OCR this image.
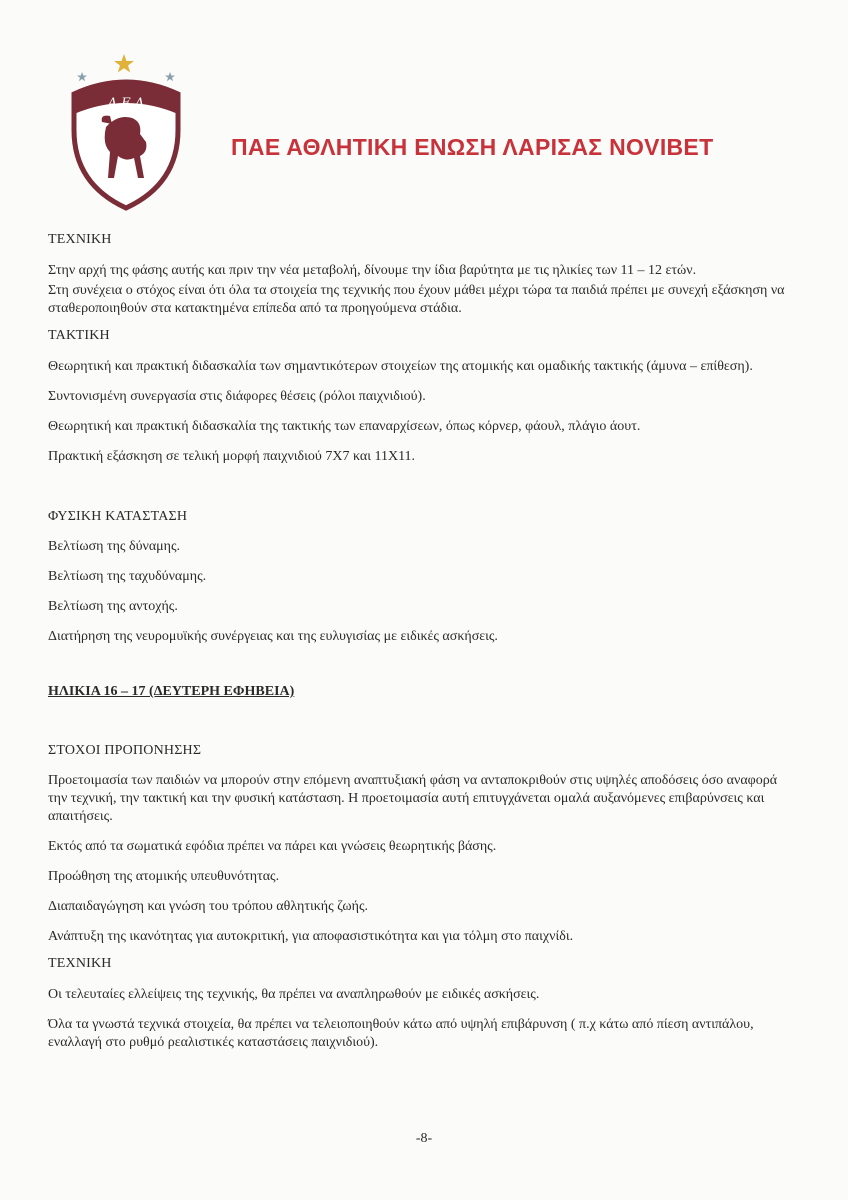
Α Ε Λ
ΠΑΕ ΑΘΛΗΤΙΚΗ ΕΝΩΣΗ ΛΑΡΙΣΑΣ NOVIBET
ΤΕΧΝΙΚΗ
Στην αρχή της φάσης αυτής και πριν την νέα μεταβολή, δίνουμε την ίδια βαρύτητα με τις ηλικίες των 11 – 12 ετών.
Στη συνέχεια ο στόχος είναι ότι όλα τα στοιχεία της τεχνικής που έχουν μάθει μέχρι τώρα τα παιδιά πρέπει με συνεχή εξάσκηση να σταθεροποιηθούν στα κατακτημένα επίπεδα από τα προηγούμενα στάδια.
ΤΑΚΤΙΚΗ
Θεωρητική και πρακτική διδασκαλία των σημαντικότερων στοιχείων της ατομικής και ομαδικής τακτικής (άμυνα – επίθεση).
Συντονισμένη συνεργασία στις διάφορες θέσεις (ρόλοι παιχνιδιού).
Θεωρητική και πρακτική διδασκαλία της τακτικής των επαναρχίσεων, όπως κόρνερ, φάουλ, πλάγιο άουτ.
Πρακτική εξάσκηση σε τελική μορφή παιχνιδιού 7Χ7 και 11Χ11.
ΦΥΣΙΚΗ ΚΑΤΑΣΤΑΣΗ
Βελτίωση της δύναμης.
Βελτίωση της ταχυδύναμης.
Βελτίωση της αντοχής.
Διατήρηση της νευρομυϊκής συνέργειας και της ευλυγισίας με ειδικές ασκήσεις.
ΗΛΙΚΙΑ 16 – 17 (ΔΕΥΤΕΡΗ ΕΦΗΒΕΙΑ)
ΣΤΟΧΟΙ ΠΡΟΠΟΝΗΣΗΣ
Προετοιμασία των παιδιών να μπορούν στην επόμενη αναπτυξιακή φάση να ανταποκριθούν στις υψηλές αποδόσεις όσο αναφορά την τεχνική, την τακτική και την φυσική κατάσταση. Η προετοιμασία αυτή επιτυγχάνεται ομαλά αυξανόμενες επιβαρύνσεις και απαιτήσεις.
Εκτός από τα σωματικά εφόδια πρέπει να πάρει και γνώσεις θεωρητικής βάσης.
Προώθηση της ατομικής υπευθυνότητας.
Διαπαιδαγώγηση και γνώση του τρόπου αθλητικής ζωής.
Ανάπτυξη της ικανότητας για αυτοκριτική, για αποφασιστικότητα και για τόλμη στο παιχνίδι.
ΤΕΧΝΙΚΗ
Οι τελευταίες ελλείψεις της τεχνικής, θα πρέπει να αναπληρωθούν με ειδικές ασκήσεις.
Όλα τα γνωστά τεχνικά στοιχεία, θα πρέπει να τελειοποιηθούν κάτω από υψηλή επιβάρυνση ( π.χ κάτω από πίεση αντιπάλου, εναλλαγή στο ρυθμό ρεαλιστικές καταστάσεις παιχνιδιού).
-8-
